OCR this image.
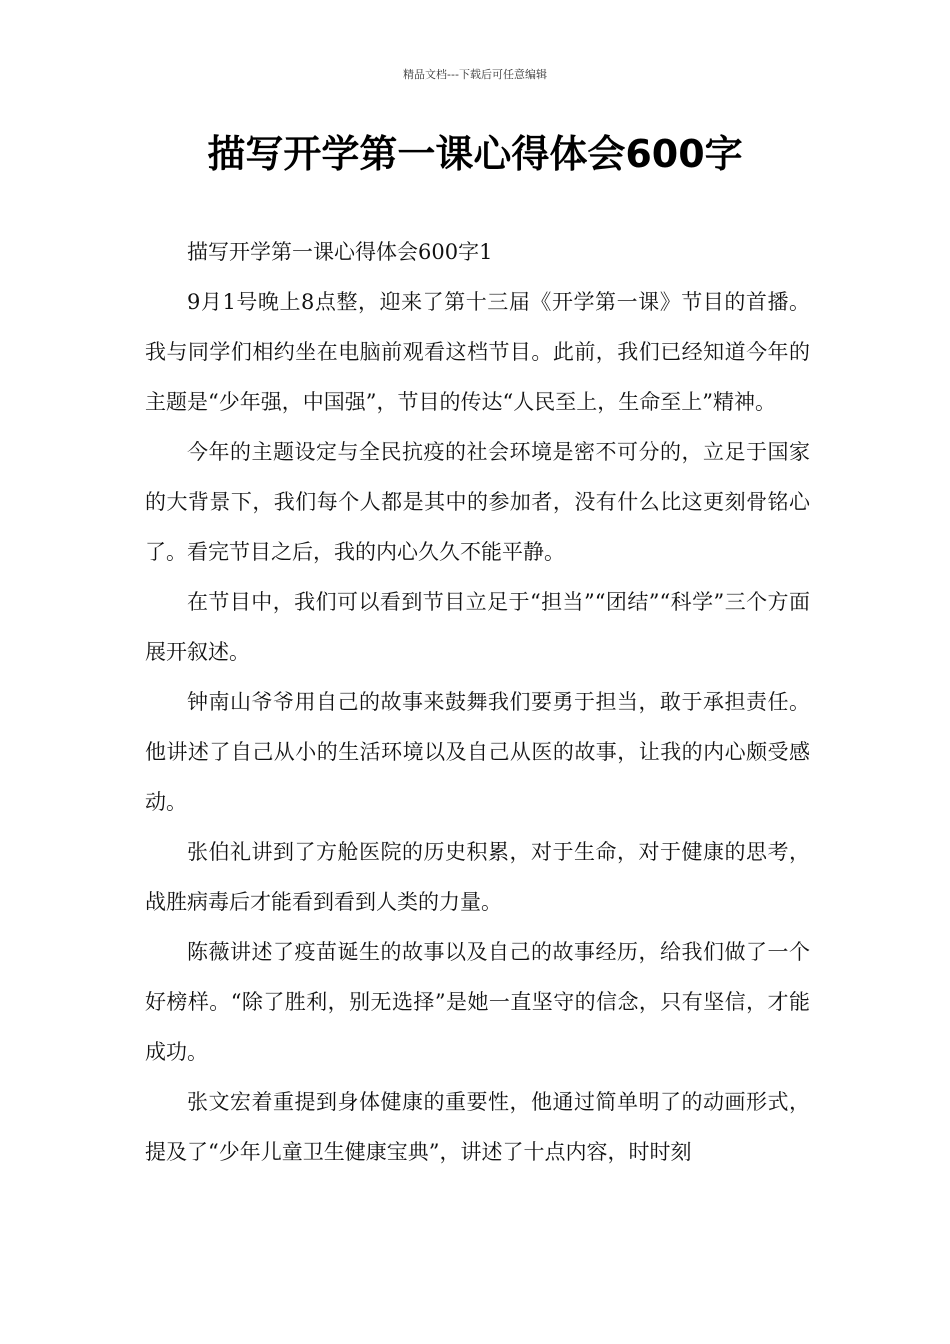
精品文档---下载后可任意编辑
描写开学第一课心得体会600字

描写开学第一课心得体会600字1

9月1号晚上8点整，迎来了第十三届《开学第一课》节目的首播。我与同学们相约坐在电脑前观看这档节目。此前，我们已经知道今年的主题是“少年强，中国强”，节目的传达“人民至上，生命至上”精神。

今年的主题设定与全民抗疫的社会环境是密不可分的，立足于国家的大背景下，我们每个人都是其中的参加者，没有什么比这更刻骨铭心了。看完节目之后，我的内心久久不能平静。

在节目中，我们可以看到节目立足于“担当”“团结”“科学”三个方面展开叙述。

钟南山爷爷用自己的故事来鼓舞我们要勇于担当，敢于承担责任。他讲述了自己从小的生活环境以及自己从医的故事，让我的内心颇受感动。

张伯礼讲到了方舱医院的历史积累，对于生命，对于健康的思考，战胜病毒后才能看到看到人类的力量。

陈薇讲述了疫苗诞生的故事以及自己的故事经历，给我们做了一个好榜样。“除了胜利，别无选择”是她一直坚守的信念，只有坚信，才能成功。

张文宏着重提到身体健康的重要性，他通过简单明了的动画形式，提及了“少年儿童卫生健康宝典”，讲述了十点内容，时时刻
